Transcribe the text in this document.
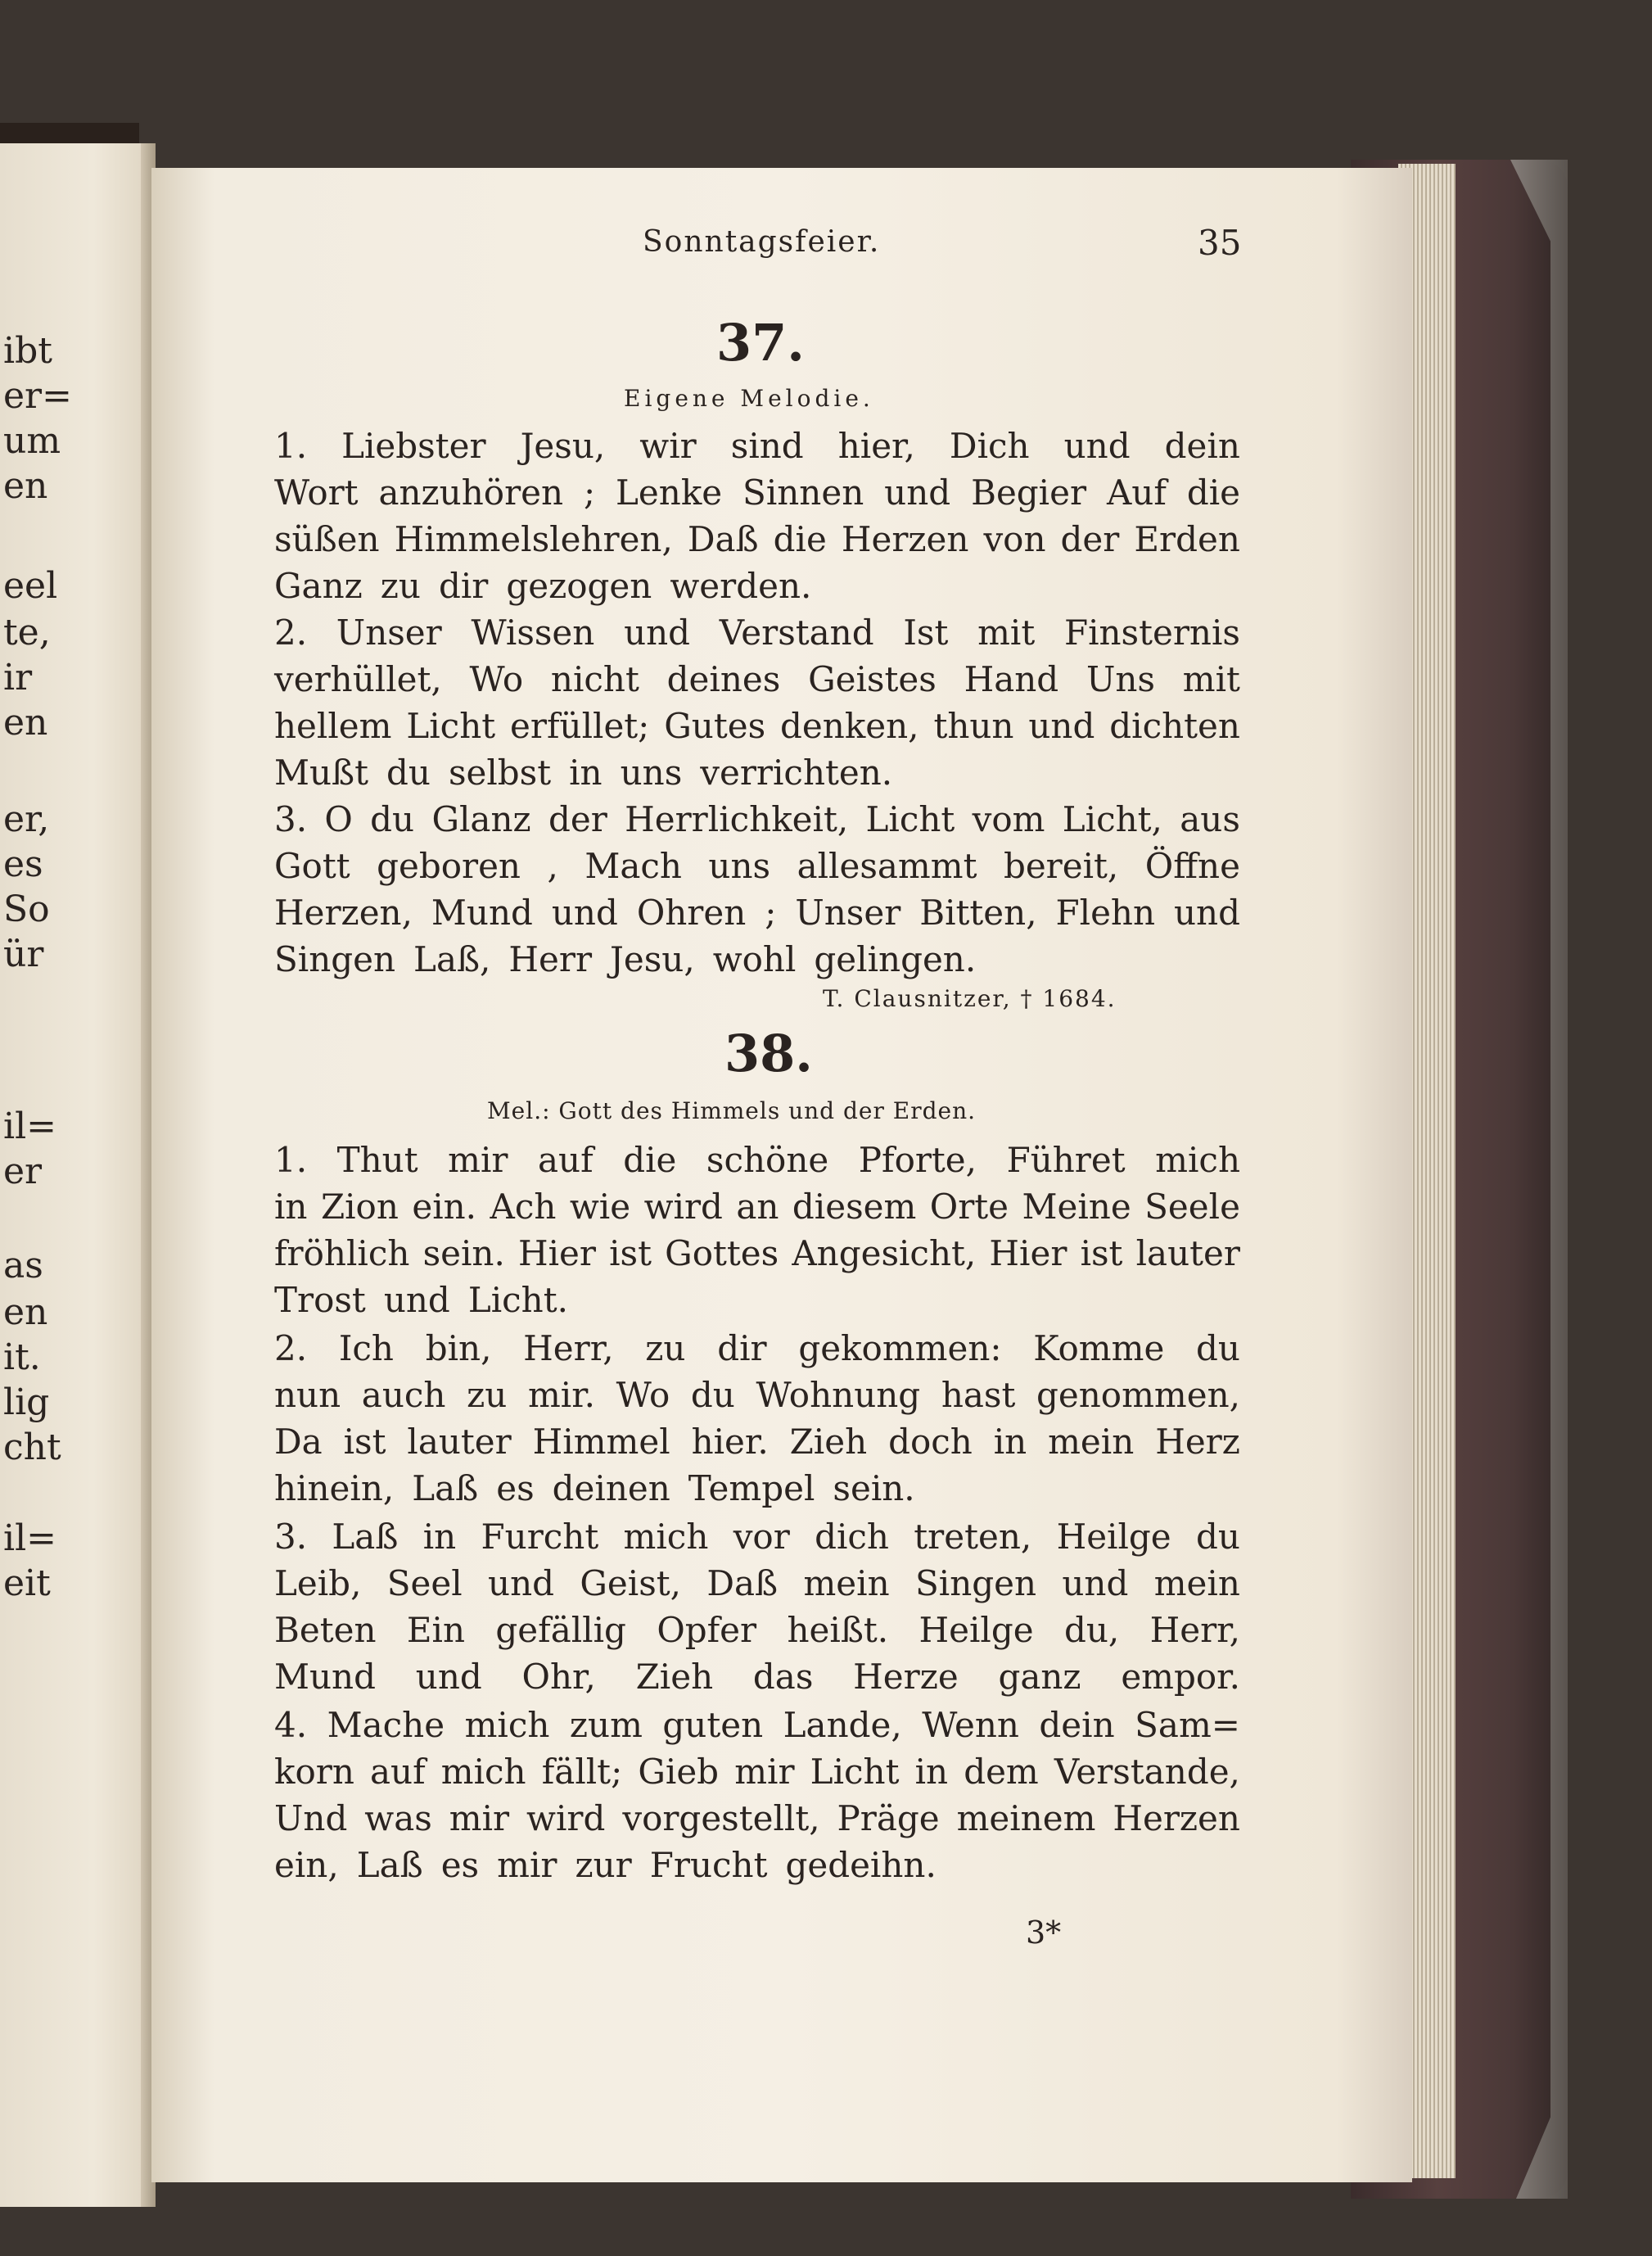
ibt
er=
um
en
eel
te,
ir
en
er,
es
So
ür
il=
er
as
en
it.
lig
cht
il=
eit
Sonntagsfeier.	35
37.
Eigene Melodie.
1. Liebster Jesu, wir sind hier, Dich und dein
Wort anzuhören ; Lenke Sinnen und Begier Auf die
süßen Himmelslehren, Daß die Herzen von der Erden
Ganz zu dir gezogen werden.
2. Unser Wissen und Verstand Ist mit Finsternis
verhüllet, Wo nicht deines Geistes Hand Uns mit
hellem Licht erfüllet; Gutes denken, thun und dichten
Mußt du selbst in uns verrichten.
3. O du Glanz der Herrlichkeit, Licht vom Licht, aus
Gott geboren , Mach uns allesammt bereit, Öffne
Herzen, Mund und Ohren ; Unser Bitten, Flehn und
Singen Laß, Herr Jesu, wohl gelingen.
T. Clausnitzer, † 1684.
38.
Mel.: Gott des Himmels und der Erden.
1. Thut mir auf die schöne Pforte, Führet mich
in Zion ein. Ach wie wird an diesem Orte Meine Seele
fröhlich sein. Hier ist Gottes Angesicht, Hier ist lauter
Trost und Licht.
2. Ich bin, Herr, zu dir gekommen: Komme du
nun auch zu mir. Wo du Wohnung hast genommen,
Da ist lauter Himmel hier. Zieh doch in mein Herz
hinein, Laß es deinen Tempel sein.
3. Laß in Furcht mich vor dich treten, Heilge du
Leib, Seel und Geist, Daß mein Singen und mein
Beten Ein gefällig Opfer heißt. Heilge du, Herr,
Mund und Ohr, Zieh das Herze ganz empor.
4. Mache mich zum guten Lande, Wenn dein Sam=
korn auf mich fällt; Gieb mir Licht in dem Verstande,
Und was mir wird vorgestellt, Präge meinem Herzen
ein, Laß es mir zur Frucht gedeihn.
3*
